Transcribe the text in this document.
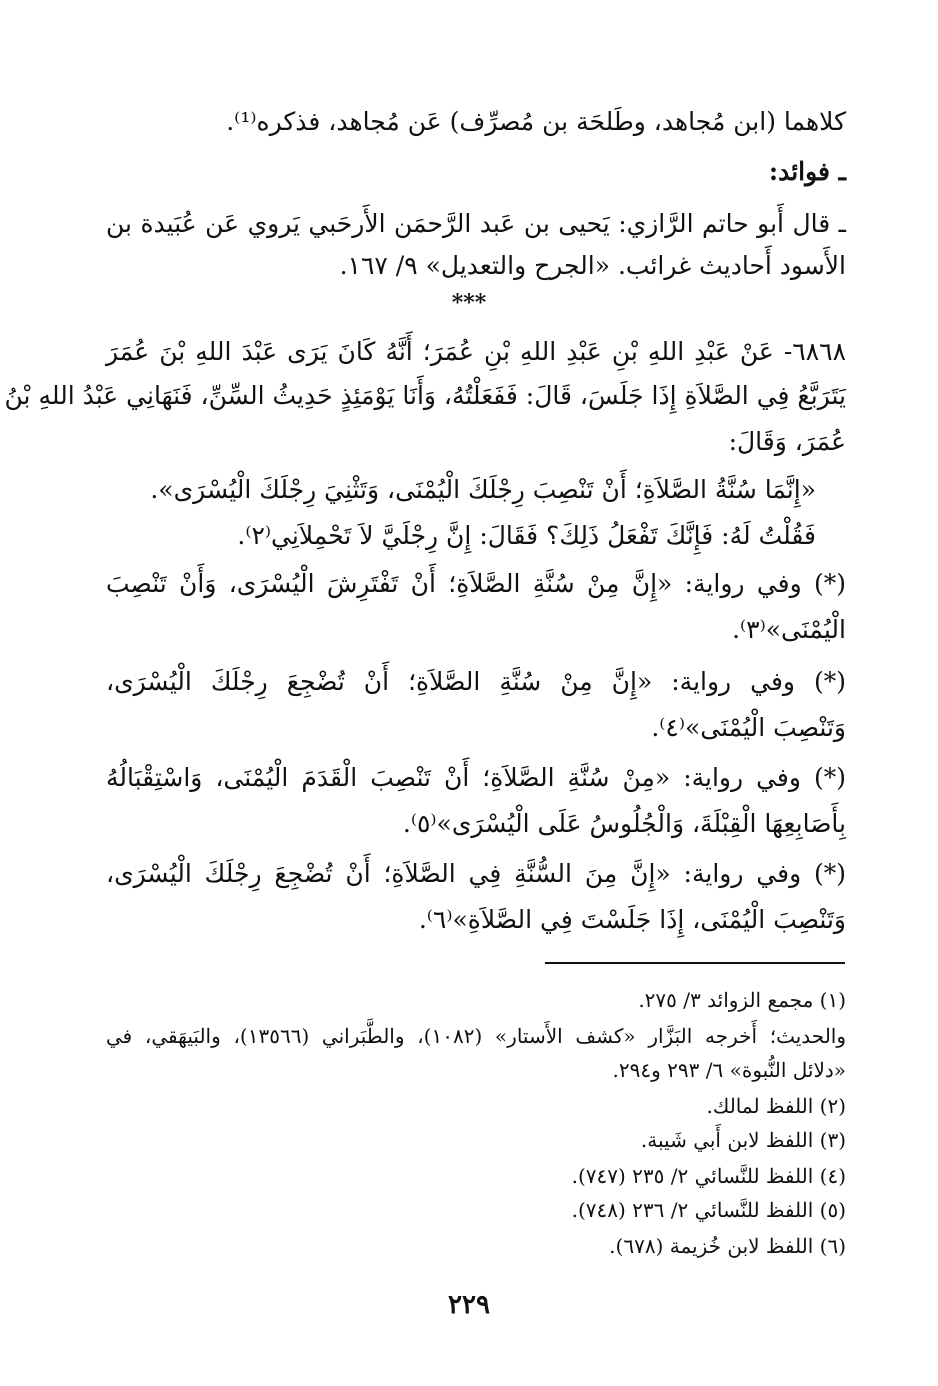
كلاهما (ابن مُجاهد، وطَلحَة بن مُصرِّف) عَن مُجاهد، فذكره⁽¹⁾.
ـ فوائد:
ـ قال أَبو حاتم الرَّازي: يَحيى بن عَبد الرَّحمَن الأَرحَبي يَروي عَن عُبَيدة بن
الأَسود أَحاديث غرائب. «الجرح والتعديل» ٩/ ١٦٧.
***
٦٨٦٨- عَنْ عَبْدِ اللهِ بْنِ عَبْدِ اللهِ بْنِ عُمَرَ؛ أَنَّهُ كَانَ يَرَى عَبْدَ اللهِ بْنَ عُمَرَ
يَتَرَبَّعُ فِي الصَّلاَةِ إِذَا جَلَسَ، قَالَ: فَفَعَلْتُهُ، وَأَنَا يَوْمَئِذٍ حَدِيثُ السِّنِّ، فَنَهَانِي عَبْدُ اللهِ بْنُ
عُمَرَ، وَقَالَ:
«إِنَّمَا سُنَّةُ الصَّلاَةِ؛ أَنْ تَنْصِبَ رِجْلَكَ الْيُمْنَى، وَتَثْنِيَ رِجْلَكَ الْيُسْرَى».
فَقُلْتُ لَهُ: فَإِنَّكَ تَفْعَلُ ذَلِكَ؟ فَقَالَ: إِنَّ رِجْلَيَّ لاَ تَحْمِلاَنِي⁽٢⁾.
(*) وفي رواية: «إِنَّ مِنْ سُنَّةِ الصَّلاَةِ؛ أَنْ تَفْتَرِشَ الْيُسْرَى، وَأَنْ تَنْصِبَ
الْيُمْنَى»⁽٣⁾.
(*) وفي رواية: «إِنَّ مِنْ سُنَّةِ الصَّلاَةِ؛ أَنْ تُضْجِعَ رِجْلَكَ الْيُسْرَى،
وَتَنْصِبَ الْيُمْنَى»⁽٤⁾.
(*) وفي رواية: «مِنْ سُنَّةِ الصَّلاَةِ؛ أَنْ تَنْصِبَ الْقَدَمَ الْيُمْنَى، وَاسْتِقْبَالُهُ
بِأَصَابِعِهَا الْقِبْلَةَ، وَالْجُلُوسُ عَلَى الْيُسْرَى»⁽٥⁾.
(*) وفي رواية: «إِنَّ مِنَ السُّنَّةِ فِي الصَّلاَةِ؛ أَنْ تُضْجِعَ رِجْلَكَ الْيُسْرَى،
وَتَنْصِبَ الْيُمْنَى، إِذَا جَلَسْتَ فِي الصَّلاَةِ»⁽٦⁾.
(١) مجمع الزوائد ٣/ ٢٧٥.
والحديث؛ أَخرجه البَزَّار «كشف الأَستار» (١٠٨٢)، والطَّبَراني (١٣٥٦٦)، والبَيهَقي، في
«دلائل النُّبوة» ٦/ ٢٩٣ و٢٩٤.
(٢) اللفظ لمالك.
(٣) اللفظ لابن أَبي شَيبة.
(٤) اللفظ للنَّسائي ٢/ ٢٣٥ (٧٤٧).
(٥) اللفظ للنَّسائي ٢/ ٢٣٦ (٧٤٨).
(٦) اللفظ لابن خُزيمة (٦٧٨).
٢٢٩
